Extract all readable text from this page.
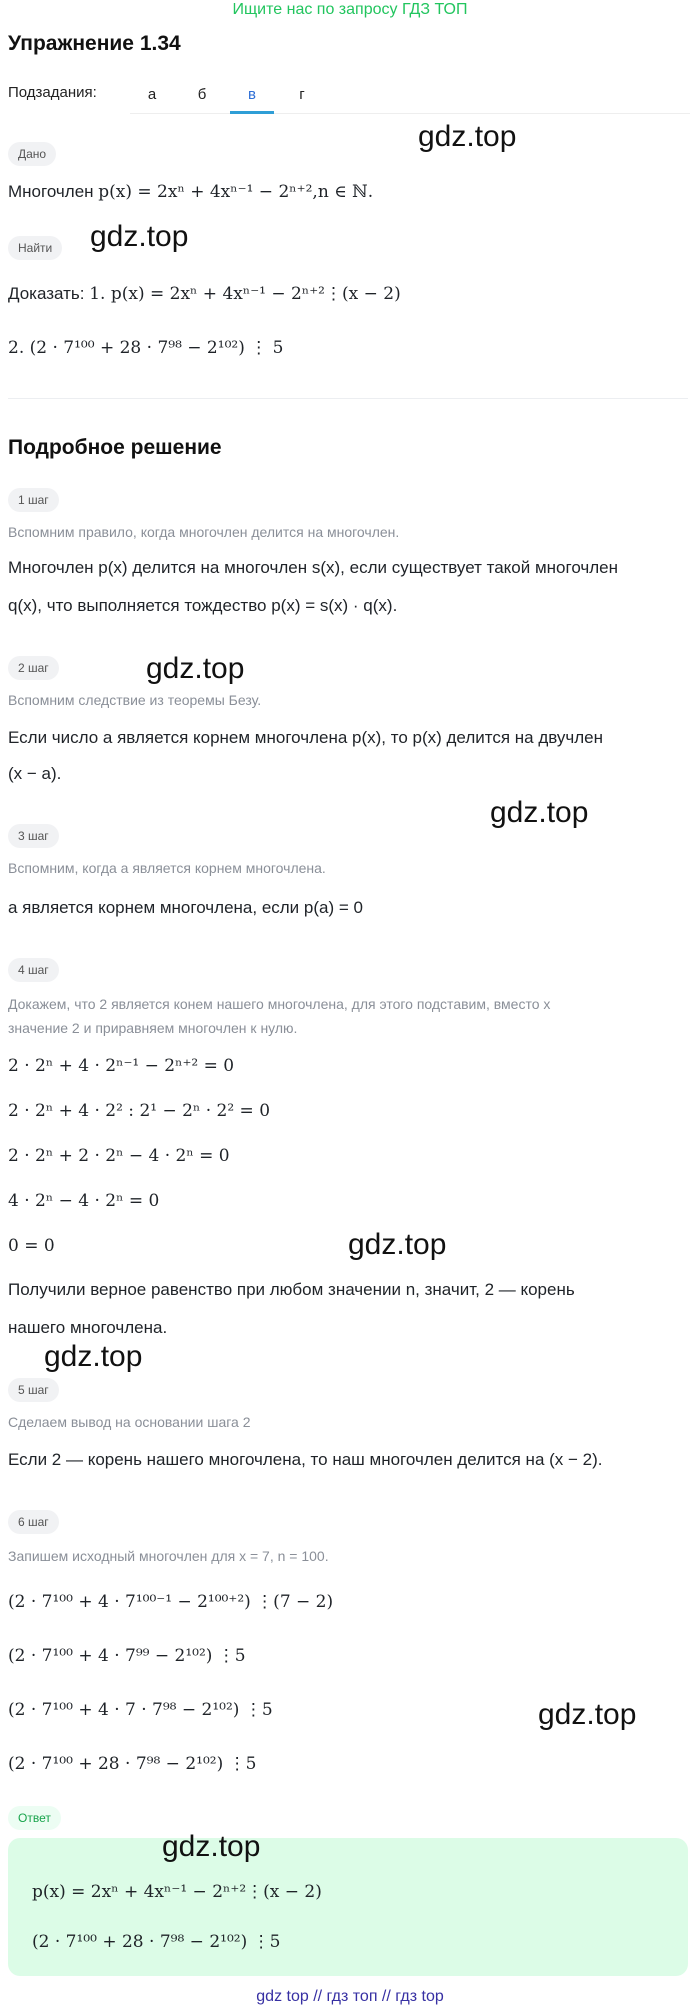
Ищите нас по запросу ГДЗ ТОП
Упражнение 1.34
Подзадания:	а	б	в	г
gdz.top
Дано
Многочлен p(x) = 2xⁿ + 4xⁿ⁻¹ − 2ⁿ⁺²,n ∈ ℕ.
Найти	gdz.top
Доказать: 1. p(x) = 2xⁿ + 4xⁿ⁻¹ − 2ⁿ⁺²⋮(x − 2)
2. (2 · 7¹⁰⁰ + 28 · 7⁹⁸ − 2¹⁰²) ⋮ 5
Подробное решение
1 шаг
Вспомним правило, когда многочлен делится на многочлен.
Многочлен p(x) делится на многочлен s(x), если существует такой многочлен
q(x), что выполняется тождество p(x) = s(x) · q(x).
2 шаг	gdz.top
Вспомним следствие из теоремы Безу.
Если число a является корнем многочлена p(x), то p(x) делится на двучлен
(x − a).
gdz.top
3 шаг
Вспомним, когда a является корнем многочлена.
a является корнем многочлена, если p(a) = 0
4 шаг
Докажем, что 2 является конем нашего многочлена, для этого подставим, вместо x
значение 2 и приравняем многочлен к нулю.
2 · 2ⁿ + 4 · 2ⁿ⁻¹ − 2ⁿ⁺² = 0
2 · 2ⁿ + 4 · 2² : 2¹ − 2ⁿ · 2² = 0
2 · 2ⁿ + 2 · 2ⁿ − 4 · 2ⁿ = 0
4 · 2ⁿ − 4 · 2ⁿ = 0
0 = 0	gdz.top
Получили верное равенство при любом значении n, значит, 2 — корень
нашего многочлена.
gdz.top
5 шаг
Сделаем вывод на основании шага 2
Если 2 — корень нашего многочлена, то наш многочлен делится на (x − 2).
6 шаг
Запишем исходный многочлен для x = 7, n = 100.
(2 · 7¹⁰⁰ + 4 · 7¹⁰⁰⁻¹ − 2¹⁰⁰⁺²) ⋮(7 − 2)
(2 · 7¹⁰⁰ + 4 · 7⁹⁹ − 2¹⁰²) ⋮5
(2 · 7¹⁰⁰ + 4 · 7 · 7⁹⁸ − 2¹⁰²) ⋮5	gdz.top
(2 · 7¹⁰⁰ + 28 · 7⁹⁸ − 2¹⁰²) ⋮5
Ответ
gdz.top
p(x) = 2xⁿ + 4xⁿ⁻¹ − 2ⁿ⁺²⋮(x − 2)
(2 · 7¹⁰⁰ + 28 · 7⁹⁸ − 2¹⁰²) ⋮5
gdz top // гдз топ // гдз top
